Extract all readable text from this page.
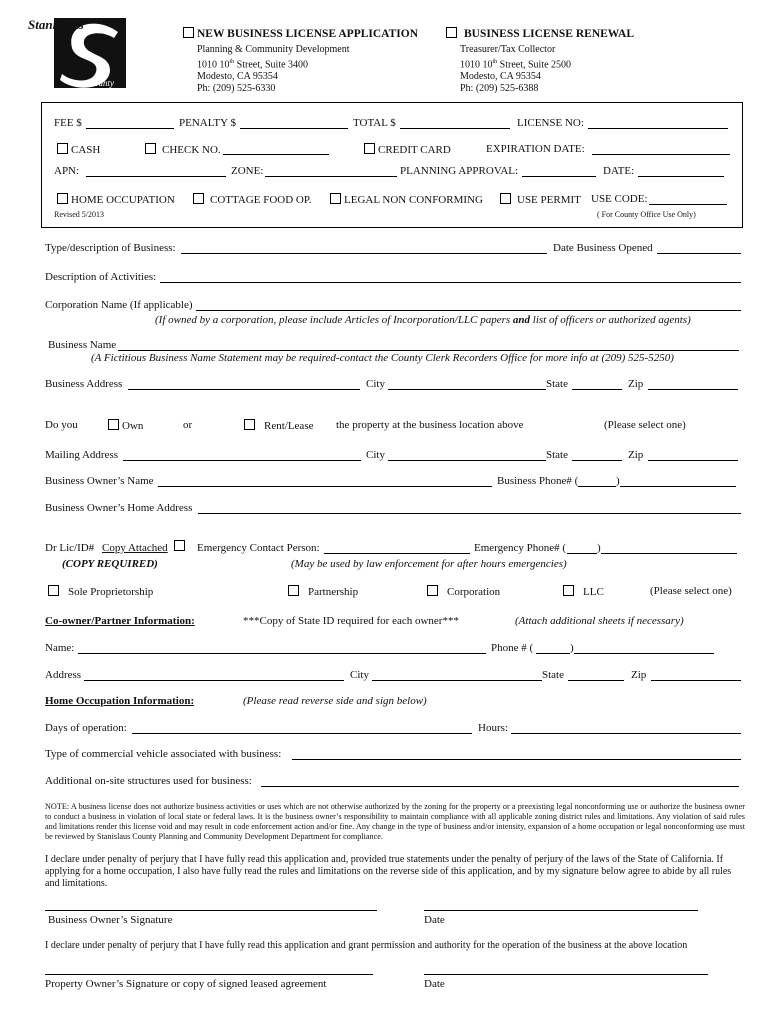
Stanislaus
County
NEW BUSINESS LICENSE APPLICATION
Planning & Community Development
1010 10th Street, Suite 3400
Modesto, CA 95354
Ph: (209) 525-6330
BUSINESS LICENSE RENEWAL
Treasurer/Tax Collector
1010 10th Street, Suite 2500
Modesto, CA 95354
Ph: (209) 525-6388
FEE $	PENALTY $	TOTAL $	LICENSE NO:
CASH	CHECK NO.	CREDIT CARD	EXPIRATION DATE:
APN:	ZONE:	PLANNING APPROVAL:	DATE:
HOME OCCUPATION	COTTAGE FOOD OP.	LEGAL NON CONFORMING	USE PERMIT USE CODE:
Revised 5/2013	( For County Office Use Only)
Type/description of Business:	Date Business Opened
Description of Activities:
Corporation Name (If applicable)
(If owned by a corporation, please include Articles of Incorporation/LLC papers and list of officers or authorized agents)
Business Name
(A Fictitious Business Name Statement may be required-contact the County Clerk Recorders Office for more info at (209) 525-5250)
Business Address	City	State	Zip
Do you	Own	or	Rent/Lease the property at the business location above	(Please select one)
Mailing Address	City	State	Zip
Business Owner’s Name	Business Phone# (	)
Business Owner’s Home Address
Dr Lic/ID# Copy Attached	Emergency Contact Person:	Emergency Phone# (	)
(COPY REQUIRED)	(May be used by law enforcement for after hours emergencies)
Sole Proprietorship	Partnership	Corporation	LLC	(Please select one)
Co-owner/Partner Information:	***Copy of State ID required for each owner***	(Attach additional sheets if necessary)
Name:	Phone # (	)
Address	City	State	Zip
Home Occupation Information:	(Please read reverse side and sign below)
Days of operation:	Hours:
Type of commercial vehicle associated with business:
Additional on-site structures used for business:
NOTE: A business license does not authorize business activities or uses which are not otherwise authorized by the zoning for the property or a preexisting legal nonconforming use or authorize the business owner to conduct a business in violation of local state or federal laws. It is the business owner’s responsibility to maintain compliance with all applicable zoning district rules and limitations. Any violation of said rules and limitations render this license void and may result in code enforcement action and/or fine. Any change in the type of business and/or intensity, expansion of a home occupation or legal nonconforming use must be reviewed by Stanislaus County Planning and Community Development Department for compliance.
I declare under penalty of perjury that I have fully read this application and, provided true statements under the penalty of perjury of the laws of the State of California. If applying for a home occupation, I also have fully read the rules and limitations on the reverse side of this application, and by my signature below agree to abide by all rules and limitations.
Business Owner’s Signature	Date
I declare under penalty of perjury that I have fully read this application and grant permission and authority for the operation of the business at the above location
Property Owner’s Signature or copy of signed leased agreement	Date
